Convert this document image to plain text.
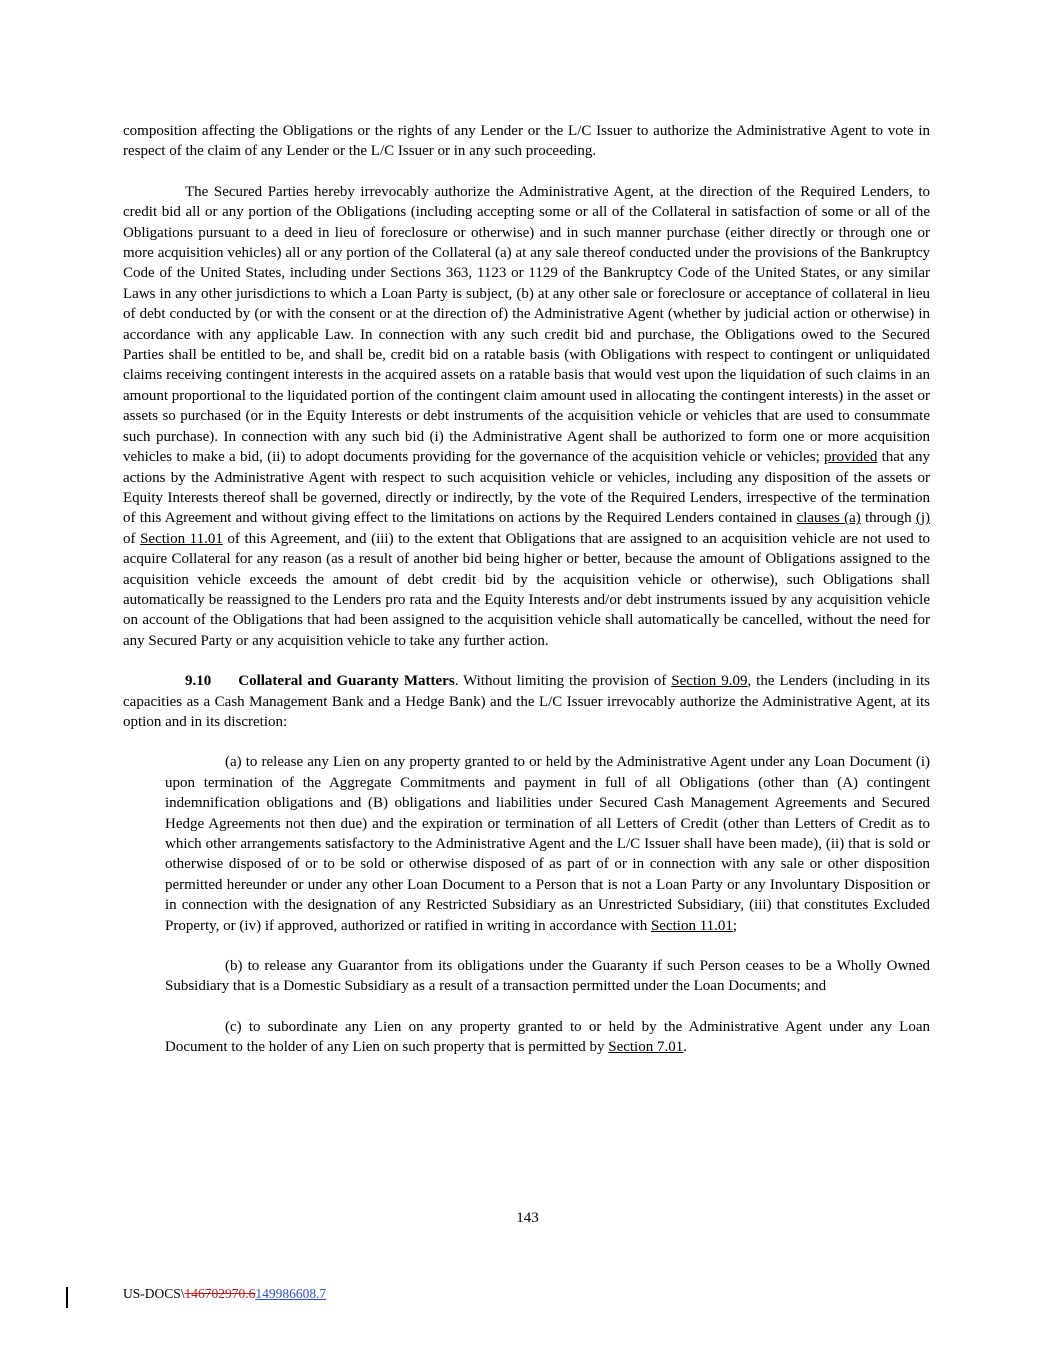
composition affecting the Obligations or the rights of any Lender or the L/C Issuer to authorize the Administrative Agent to vote in respect of the claim of any Lender or the L/C Issuer or in any such proceeding.

The Secured Parties hereby irrevocably authorize the Administrative Agent, at the direction of the Required Lenders, to credit bid all or any portion of the Obligations (including accepting some or all of the Collateral in satisfaction of some or all of the Obligations pursuant to a deed in lieu of foreclosure or otherwise) and in such manner purchase (either directly or through one or more acquisition vehicles) all or any portion of the Collateral (a) at any sale thereof conducted under the provisions of the Bankruptcy Code of the United States, including under Sections 363, 1123 or 1129 of the Bankruptcy Code of the United States, or any similar Laws in any other jurisdictions to which a Loan Party is subject, (b) at any other sale or foreclosure or acceptance of collateral in lieu of debt conducted by (or with the consent or at the direction of) the Administrative Agent (whether by judicial action or otherwise) in accordance with any applicable Law. In connection with any such credit bid and purchase, the Obligations owed to the Secured Parties shall be entitled to be, and shall be, credit bid on a ratable basis (with Obligations with respect to contingent or unliquidated claims receiving contingent interests in the acquired assets on a ratable basis that would vest upon the liquidation of such claims in an amount proportional to the liquidated portion of the contingent claim amount used in allocating the contingent interests) in the asset or assets so purchased (or in the Equity Interests or debt instruments of the acquisition vehicle or vehicles that are used to consummate such purchase). In connection with any such bid (i) the Administrative Agent shall be authorized to form one or more acquisition vehicles to make a bid, (ii) to adopt documents providing for the governance of the acquisition vehicle or vehicles; provided that any actions by the Administrative Agent with respect to such acquisition vehicle or vehicles, including any disposition of the assets or Equity Interests thereof shall be governed, directly or indirectly, by the vote of the Required Lenders, irrespective of the termination of this Agreement and without giving effect to the limitations on actions by the Required Lenders contained in clauses (a) through (j) of Section 11.01 of this Agreement, and (iii) to the extent that Obligations that are assigned to an acquisition vehicle are not used to acquire Collateral for any reason (as a result of another bid being higher or better, because the amount of Obligations assigned to the acquisition vehicle exceeds the amount of debt credit bid by the acquisition vehicle or otherwise), such Obligations shall automatically be reassigned to the Lenders pro rata and the Equity Interests and/or debt instruments issued by any acquisition vehicle on account of the Obligations that had been assigned to the acquisition vehicle shall automatically be cancelled, without the need for any Secured Party or any acquisition vehicle to take any further action.

9.10 Collateral and Guaranty Matters. Without limiting the provision of Section 9.09, the Lenders (including in its capacities as a Cash Management Bank and a Hedge Bank) and the L/C Issuer irrevocably authorize the Administrative Agent, at its option and in its discretion:

(a) to release any Lien on any property granted to or held by the Administrative Agent under any Loan Document (i) upon termination of the Aggregate Commitments and payment in full of all Obligations (other than (A) contingent indemnification obligations and (B) obligations and liabilities under Secured Cash Management Agreements and Secured Hedge Agreements not then due) and the expiration or termination of all Letters of Credit (other than Letters of Credit as to which other arrangements satisfactory to the Administrative Agent and the L/C Issuer shall have been made), (ii) that is sold or otherwise disposed of or to be sold or otherwise disposed of as part of or in connection with any sale or other disposition permitted hereunder or under any other Loan Document to a Person that is not a Loan Party or any Involuntary Disposition or in connection with the designation of any Restricted Subsidiary as an Unrestricted Subsidiary, (iii) that constitutes Excluded Property, or (iv) if approved, authorized or ratified in writing in accordance with Section 11.01;

(b) to release any Guarantor from its obligations under the Guaranty if such Person ceases to be a Wholly Owned Subsidiary that is a Domestic Subsidiary as a result of a transaction permitted under the Loan Documents; and

(c) to subordinate any Lien on any property granted to or held by the Administrative Agent under any Loan Document to the holder of any Lien on such property that is permitted by Section 7.01.

143
US-DOCS\146702970.6149986608.7
